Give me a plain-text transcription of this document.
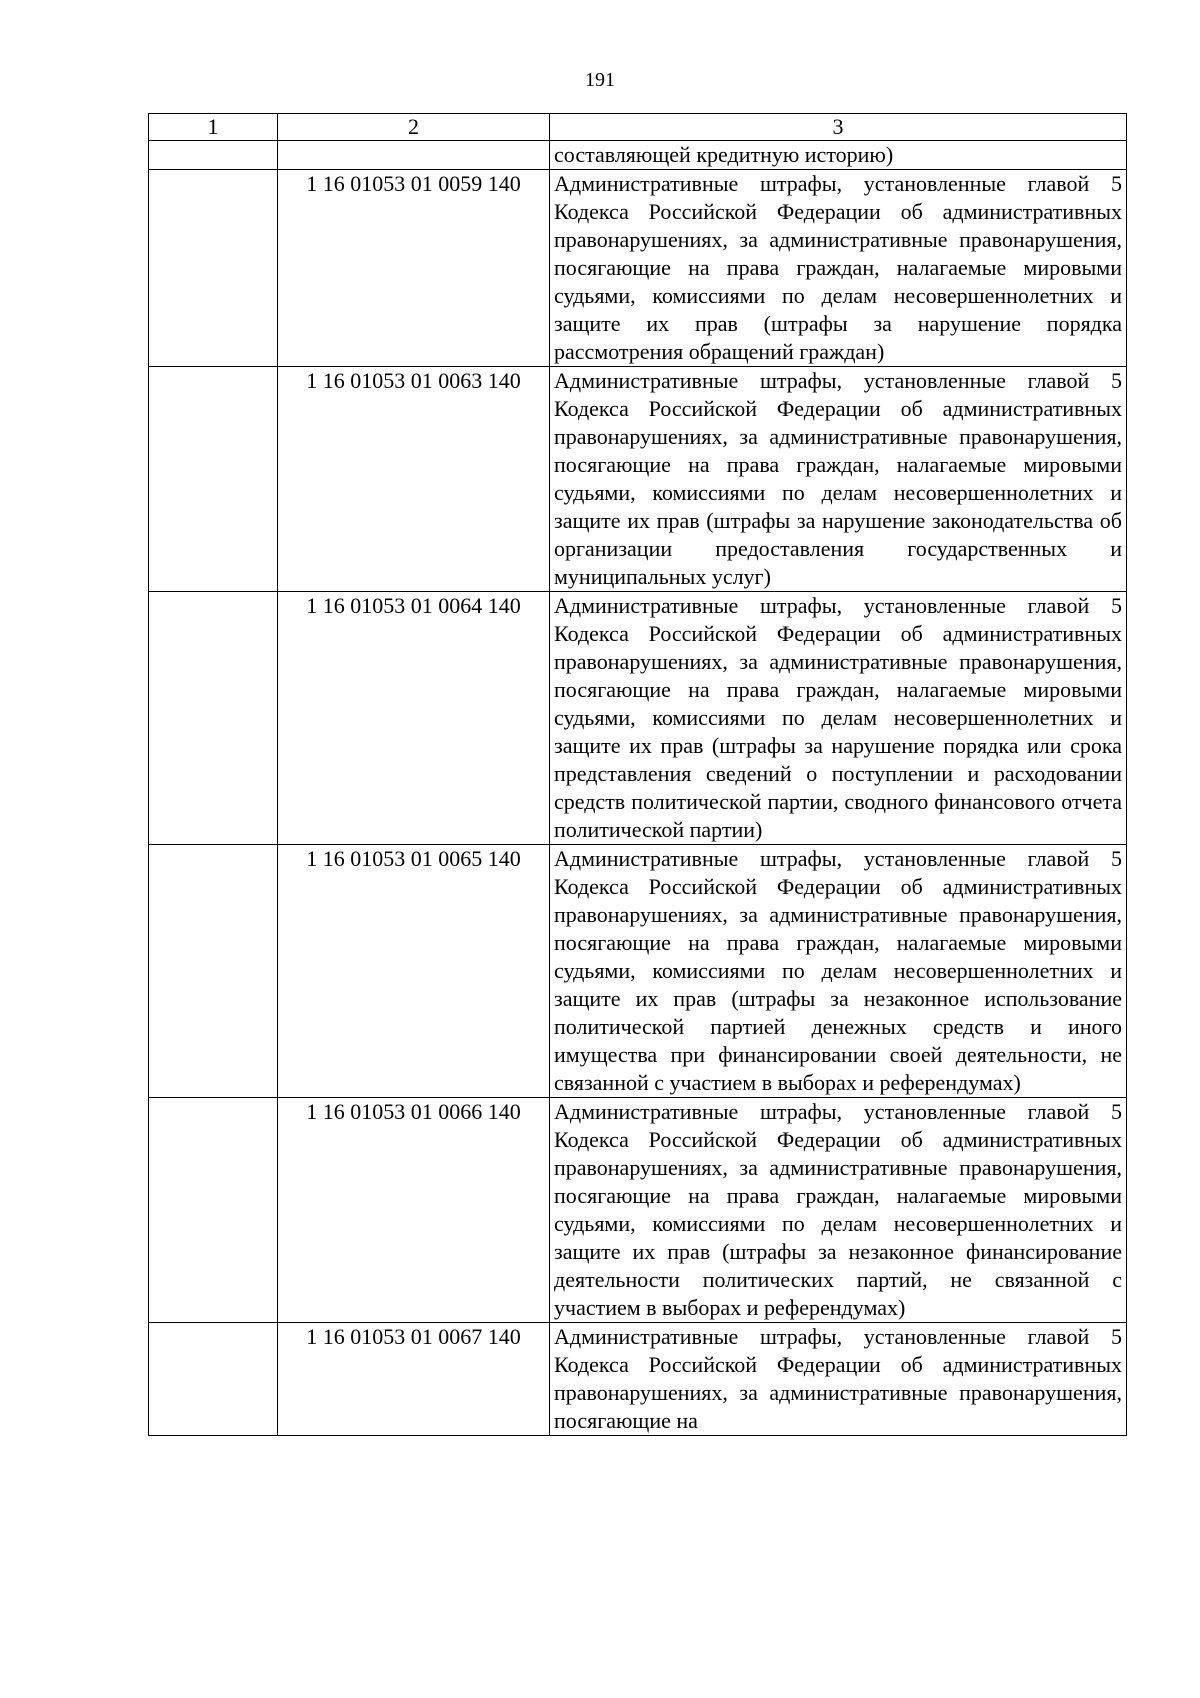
191
1	2	3
		составляющей кредитную историю)
	1 16 01053 01 0059 140	Административные штрафы, установленные главой 5 Кодекса Российской Федерации об административных правонарушениях, за административные правонарушения, посягающие на права граждан, налагаемые мировыми судьями, комиссиями по делам несовершеннолетних и защите их прав (штрафы за нарушение порядка рассмотрения обращений граждан)
	1 16 01053 01 0063 140	Административные штрафы, установленные главой 5 Кодекса Российской Федерации об административных правонарушениях, за административные правонарушения, посягающие на права граждан, налагаемые мировыми судьями, комиссиями по делам несовершеннолетних и защите их прав (штрафы за нарушение законодательства об организации предоставления государственных и муниципальных услуг)
	1 16 01053 01 0064 140	Административные штрафы, установленные главой 5 Кодекса Российской Федерации об административных правонарушениях, за административные правонарушения, посягающие на права граждан, налагаемые мировыми судьями, комиссиями по делам несовершеннолетних и защите их прав (штрафы за нарушение порядка или срока представления сведений о поступлении и расходовании средств политической партии, сводного финансового отчета политической партии)
	1 16 01053 01 0065 140	Административные штрафы, установленные главой 5 Кодекса Российской Федерации об административных правонарушениях, за административные правонарушения, посягающие на права граждан, налагаемые мировыми судьями, комиссиями по делам несовершеннолетних и защите их прав (штрафы за незаконное использование политической партией денежных средств и иного имущества при финансировании своей деятельности, не связанной с участием в выборах и референдумах)
	1 16 01053 01 0066 140	Административные штрафы, установленные главой 5 Кодекса Российской Федерации об административных правонарушениях, за административные правонарушения, посягающие на права граждан, налагаемые мировыми судьями, комиссиями по делам несовершеннолетних и защите их прав (штрафы за незаконное финансирование деятельности политических партий, не связанной с участием в выборах и референдумах)
	1 16 01053 01 0067 140	Административные штрафы, установленные главой 5 Кодекса Российской Федерации об административных правонарушениях, за административные правонарушения, посягающие на
